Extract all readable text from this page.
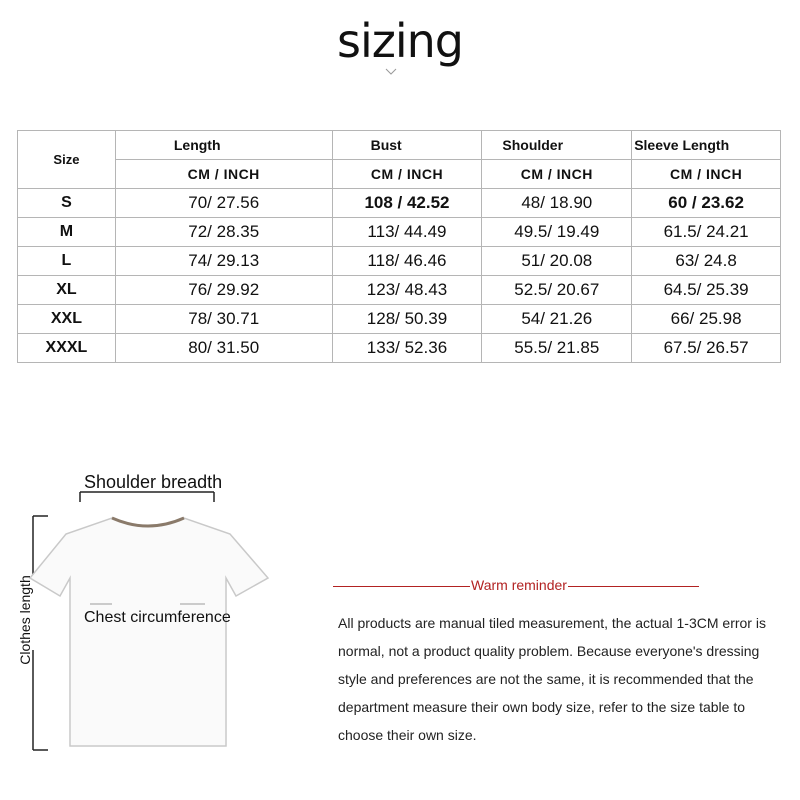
sizing
Size	Length	Bust	Shoulder	Sleeve Length
	CM / INCH	CM / INCH	CM / INCH	CM / INCH
S	70/ 27.56	108 / 42.52	48/ 18.90	60 / 23.62
M	72/ 28.35	113/ 44.49	49.5/ 19.49	61.5/ 24.21
L	74/ 29.13	118/ 46.46	51/ 20.08	63/ 24.8
XL	76/ 29.92	123/ 48.43	52.5/ 20.67	64.5/ 25.39
XXL	78/ 30.71	128/ 50.39	54/ 21.26	66/ 25.98
XXXL	80/ 31.50	133/ 52.36	55.5/ 21.85	67.5/ 26.57
Shoulder breadth
Chest circumference
Clothes length	Warm reminder
All products are manual tiled measurement, the actual 1-3CM error is normal, not a product quality problem. Because everyone's dressing style and preferences are not the same, it is recommended that the department measure their own body size, refer to the size table to choose their own size.
